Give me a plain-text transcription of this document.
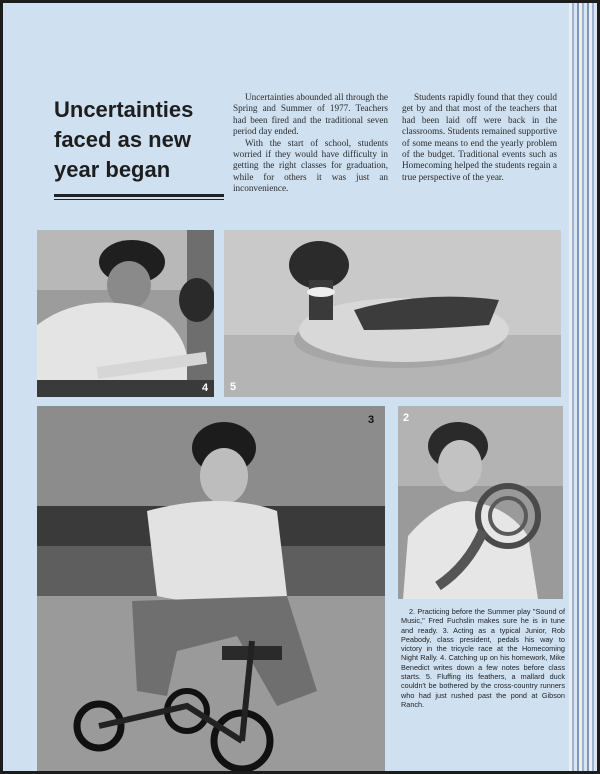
Uncertainties faced as new year began

Uncertainties abounded all through the Spring and Summer of 1977. Teachers had been fired and the traditional seven period day ended.

With the start of school, students worried if they would have difficulty in getting the right classes for graduation, while for others it was just an inconvenience.

Students rapidly found that they could get by and that most of the teachers that had been laid off were back in the classrooms. Students remained supportive of some means to end the yearly problem of the budget. Traditional events such as Homecoming helped the students regain a true perspective of the year.

4 5
3	2

2. Practicing before the Summer play "Sound of Music," Fred Fuchslin makes sure he is in tune and ready. 3. Acting as a typical Junior, Rob Peabody, class president, pedals his way to victory in the tricycle race at the Homecoming Night Rally. 4. Catching up on his homework, Mike Benedict writes down a few notes before class starts. 5. Fluffing its feathers, a mallard duck couldn't be bothered by the cross-country runners who had just rushed past the pond at Gibson Ranch.
